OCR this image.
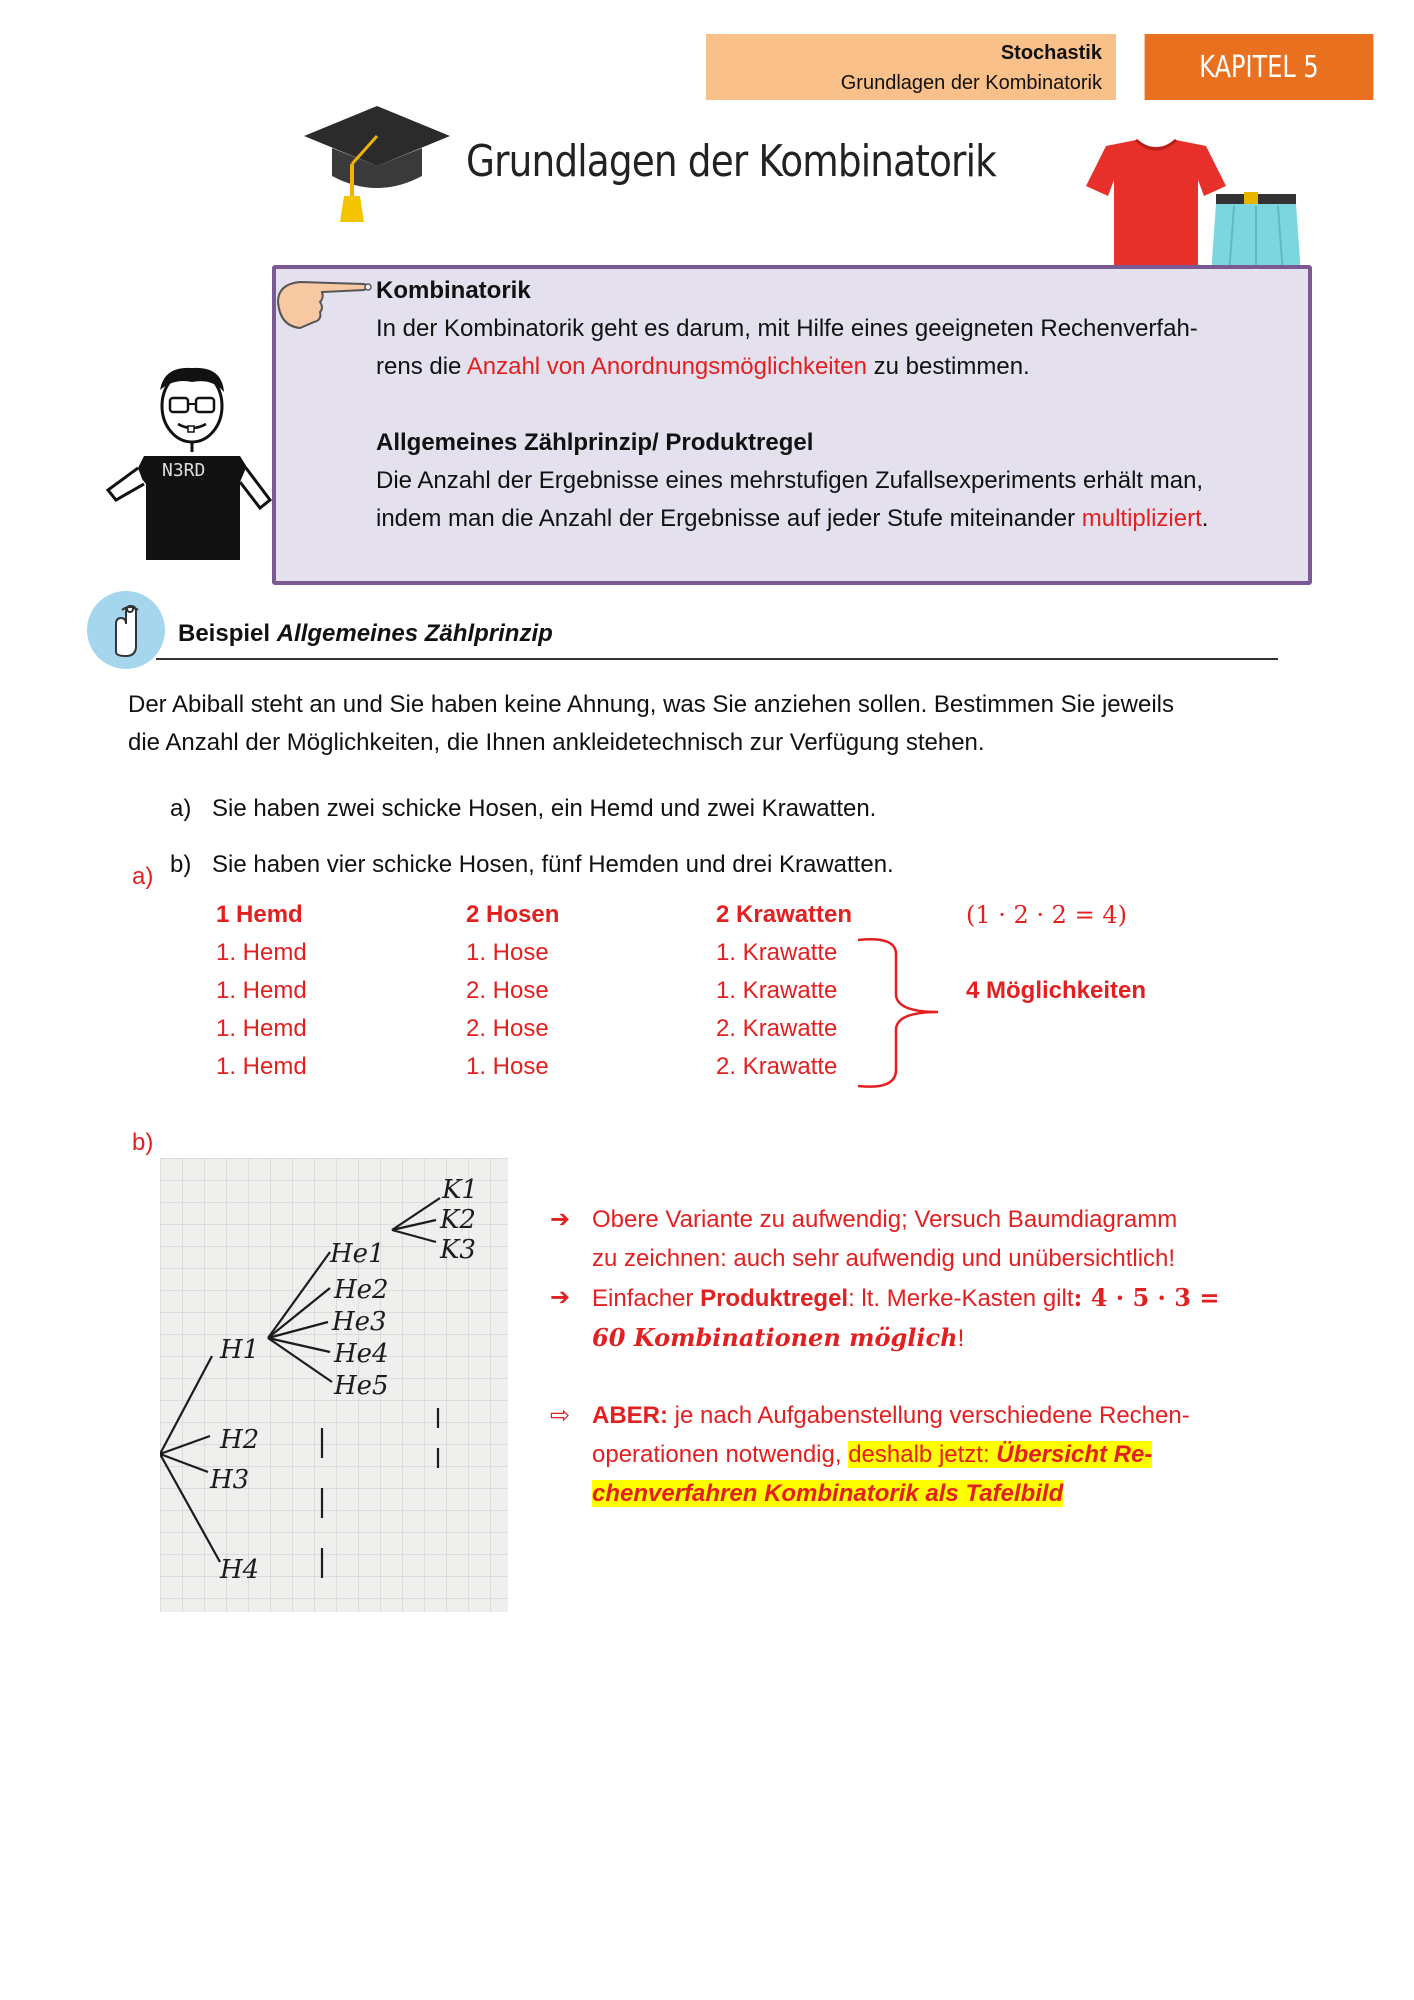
Stochastik
Grundlagen der Kombinatorik	KAPITEL 5
Grundlagen der Kombinatorik
Kombinatorik
In der Kombinatorik geht es darum, mit Hilfe eines geeigneten Rechenverfah-
rens die Anzahl von Anordnungsmöglichkeiten zu bestimmen.
Allgemeines Zählprinzip/ Produktregel
Die Anzahl der Ergebnisse eines mehrstufigen Zufallsexperiments erhält man,
indem man die Anzahl der Ergebnisse auf jeder Stufe miteinander multipliziert.
N3RD
Beispiel Allgemeines Zählprinzip
Der Abiball steht an und Sie haben keine Ahnung, was Sie anziehen sollen. Bestimmen Sie jeweils
die Anzahl der Möglichkeiten, die Ihnen ankleidetechnisch zur Verfügung stehen.
a) Sie haben zwei schicke Hosen, ein Hemd und zwei Krawatten.
b) Sie haben vier schicke Hosen, fünf Hemden und drei Krawatten.
a)
1 Hemd
1. Hemd
1. Hemd
1. Hemd
1. Hemd
2 Hosen
1. Hose
2. Hose
2. Hose
1. Hose
2 Krawatten
1. Krawatte
1. Krawatte
2. Krawatte
2. Krawatte
(1 · 2 · 2 = 4)
4 Möglichkeiten
b)
H1
H2
H3
H4
He1
He2
He3
He4
He5
K1
K2
K3
➔ Obere Variante zu aufwendig; Versuch Baumdiagramm
zu zeichnen: auch sehr aufwendig und unübersichtlich!
➔ Einfacher Produktregel: lt. Merke-Kasten gilt: 4 · 5 · 3 =
60 Kombinationen möglich!
⇨ ABER: je nach Aufgabenstellung verschiedene Rechen-
operationen notwendig, deshalb jetzt: Übersicht Re-
chenverfahren Kombinatorik als Tafelbild
